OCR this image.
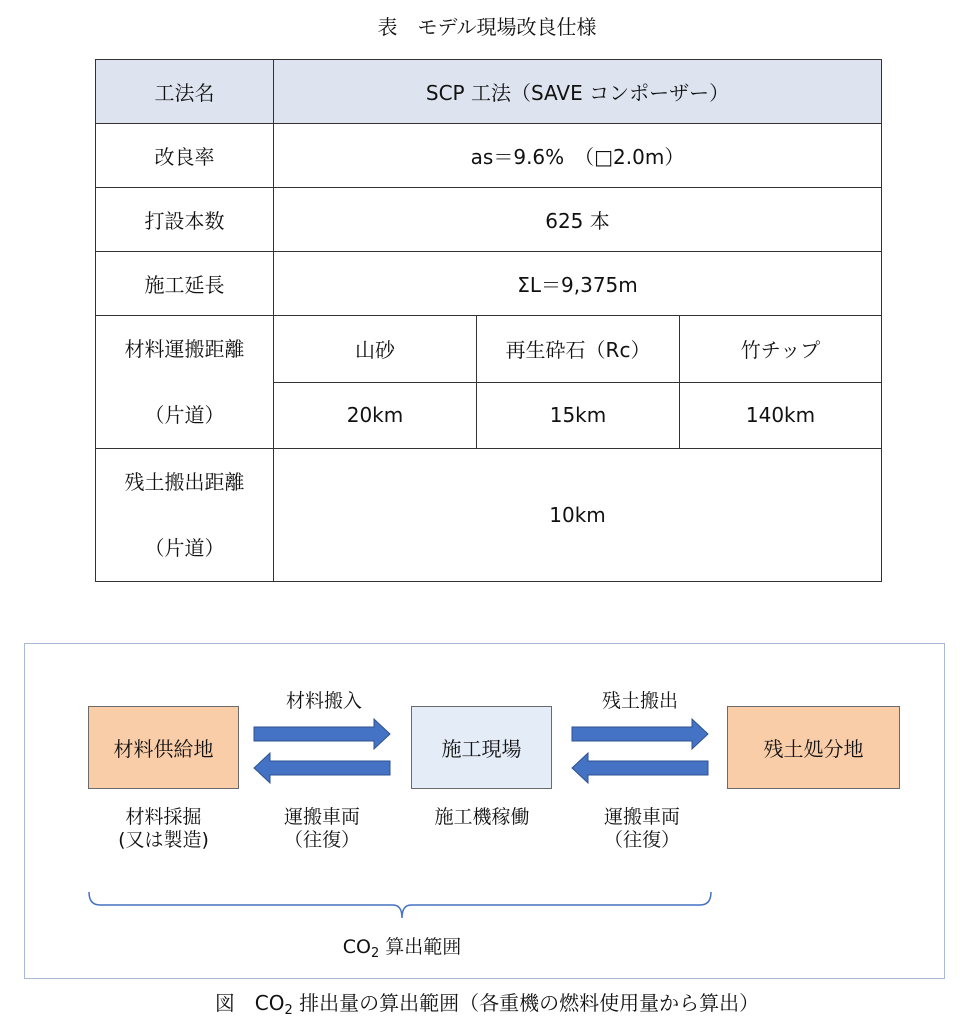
表　モデル現場改良仕様
工法名	SCP 工法（SAVE コンポーザー）		
改良率	as＝9.6%　（□2.0m）		
打設本数	625 本		
施工延長	ΣL＝9,375m		

材料運搬距離
（片道）	山砂	再生砕石（Rc）	竹チップ
	20km	15km	140km

残土搬出距離
（片道）	10km		
材料供給地	施工現場	残土処分地
材料搬入	残土搬出
材料採掘
(又は製造)
運搬車両
（往復）
施工機稼働	運搬車両
（往復）
$CO_2$ 算出範囲
図　$CO_2$ 排出量の算出範囲（各重機の燃料使用量から算出）
